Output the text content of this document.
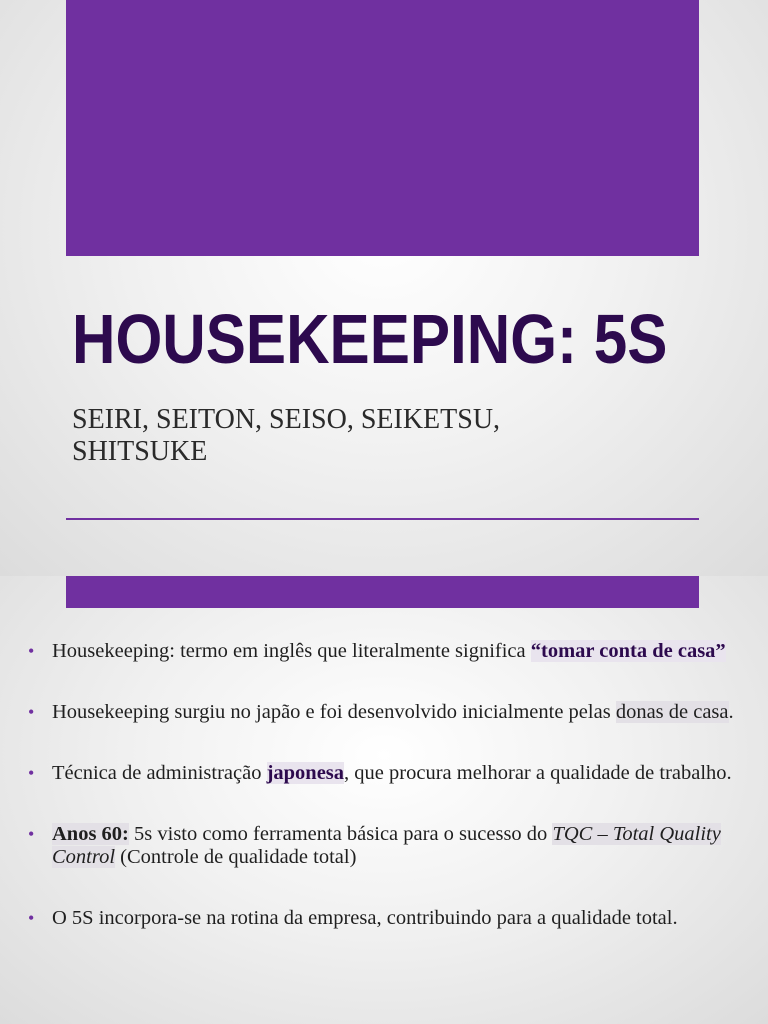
HOUSEKEEPING: 5S

SEIRI, SEITON, SEISO, SEIKETSU, SHITSUKE

• Housekeeping: termo em inglês que literalmente significa “tomar conta de casa”
• Housekeeping surgiu no japão e foi desenvolvido inicialmente pelas donas de casa.
• Técnica de administração japonesa, que procura melhorar a qualidade de trabalho.
• Anos 60: 5s visto como ferramenta básica para o sucesso do TQC – Total Quality Control (Controle de qualidade total)
• O 5S incorpora-se na rotina da empresa, contribuindo para a qualidade total.
